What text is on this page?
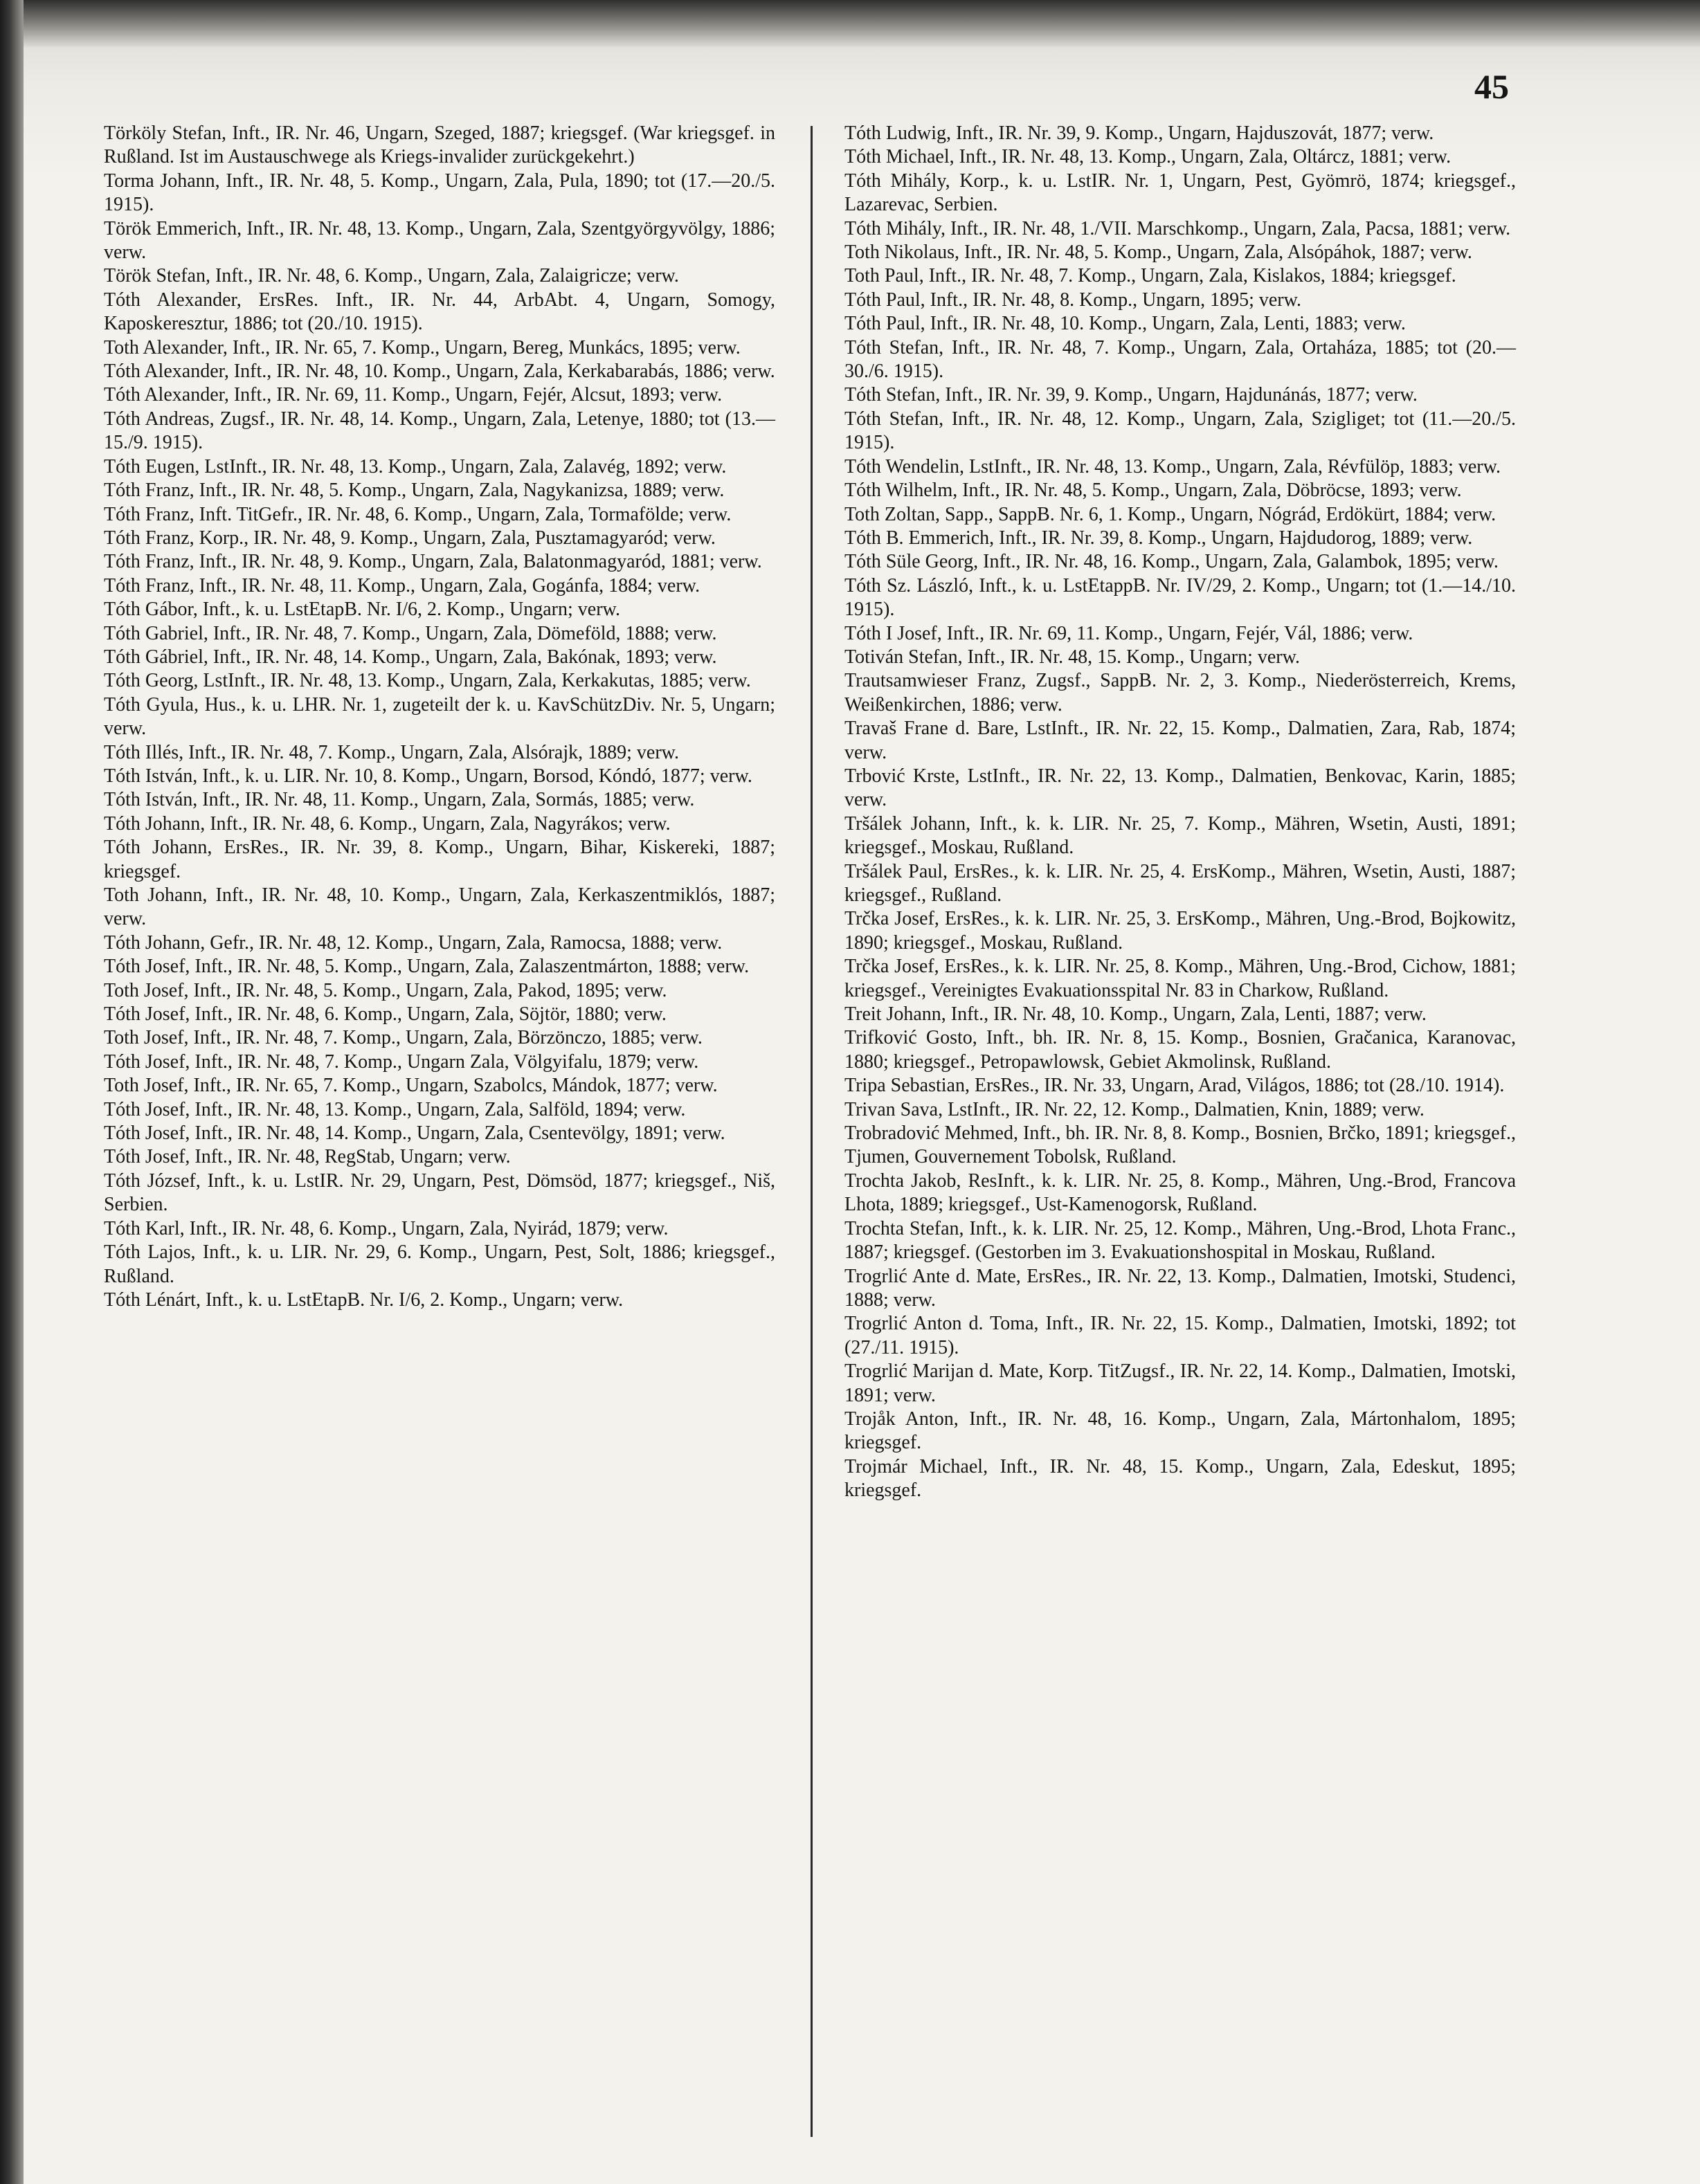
45
Törköly Stefan, Inft., IR. Nr. 46, Ungarn, Szeged, 1887; kriegsgef. (War kriegsgef. in Rußland. Ist im Austauschwege als Kriegs-invalider zurückgekehrt.)
Torma Johann, Inft., IR. Nr. 48, 5. Komp., Ungarn, Zala, Pula, 1890; tot (17.—20./5. 1915).
Török Emmerich, Inft., IR. Nr. 48, 13. Komp., Ungarn, Zala, Szentgyörgyvölgy, 1886; verw.
Török Stefan, Inft., IR. Nr. 48, 6. Komp., Ungarn, Zala, Zalaigricze; verw.
Tóth Alexander, ErsRes. Inft., IR. Nr. 44, ArbAbt. 4, Ungarn, Somogy, Kaposkeresztur, 1886; tot (20./10. 1915).
Toth Alexander, Inft., IR. Nr. 65, 7. Komp., Ungarn, Bereg, Munkács, 1895; verw.
Tóth Alexander, Inft., IR. Nr. 48, 10. Komp., Ungarn, Zala, Kerkabarabás, 1886; verw.
Tóth Alexander, Inft., IR. Nr. 69, 11. Komp., Ungarn, Fejér, Alcsut, 1893; verw.
Tóth Andreas, Zugsf., IR. Nr. 48, 14. Komp., Ungarn, Zala, Letenye, 1880; tot (13.—15./9. 1915).
Tóth Eugen, LstInft., IR. Nr. 48, 13. Komp., Ungarn, Zala, Zalavég, 1892; verw.
Tóth Franz, Inft., IR. Nr. 48, 5. Komp., Ungarn, Zala, Nagykanizsa, 1889; verw.
Tóth Franz, Inft. TitGefr., IR. Nr. 48, 6. Komp., Ungarn, Zala, Tormafölde; verw.
Tóth Franz, Korp., IR. Nr. 48, 9. Komp., Ungarn, Zala, Pusztamagyaród; verw.
Tóth Franz, Inft., IR. Nr. 48, 9. Komp., Ungarn, Zala, Balatonmagyaród, 1881; verw.
Tóth Franz, Inft., IR. Nr. 48, 11. Komp., Ungarn, Zala, Gogánfa, 1884; verw.
Tóth Gábor, Inft., k. u. LstEtapB. Nr. I/6, 2. Komp., Ungarn; verw.
Tóth Gabriel, Inft., IR. Nr. 48, 7. Komp., Ungarn, Zala, Dömeföld, 1888; verw.
Tóth Gábriel, Inft., IR. Nr. 48, 14. Komp., Ungarn, Zala, Bakónak, 1893; verw.
Tóth Georg, LstInft., IR. Nr. 48, 13. Komp., Ungarn, Zala, Kerkakutas, 1885; verw.
Tóth Gyula, Hus., k. u. LHR. Nr. 1, zugeteilt der k. u. KavSchützDiv. Nr. 5, Ungarn; verw.
Tóth Illés, Inft., IR. Nr. 48, 7. Komp., Ungarn, Zala, Alsórajk, 1889; verw.
Tóth István, Inft., k. u. LIR. Nr. 10, 8. Komp., Ungarn, Borsod, Kóndó, 1877; verw.
Tóth István, Inft., IR. Nr. 48, 11. Komp., Ungarn, Zala, Sormás, 1885; verw.
Tóth Johann, Inft., IR. Nr. 48, 6. Komp., Ungarn, Zala, Nagyrákos; verw.
Tóth Johann, ErsRes., IR. Nr. 39, 8. Komp., Ungarn, Bihar, Kiskereki, 1887; kriegsgef.
Toth Johann, Inft., IR. Nr. 48, 10. Komp., Ungarn, Zala, Kerkaszentmiklós, 1887; verw.
Tóth Johann, Gefr., IR. Nr. 48, 12. Komp., Ungarn, Zala, Ramocsa, 1888; verw.
Tóth Josef, Inft., IR. Nr. 48, 5. Komp., Ungarn, Zala, Zalaszentmárton, 1888; verw.
Toth Josef, Inft., IR. Nr. 48, 5. Komp., Ungarn, Zala, Pakod, 1895; verw.
Tóth Josef, Inft., IR. Nr. 48, 6. Komp., Ungarn, Zala, Söjtör, 1880; verw.
Toth Josef, Inft., IR. Nr. 48, 7. Komp., Ungarn, Zala, Börzönczo, 1885; verw.
Tóth Josef, Inft., IR. Nr. 48, 7. Komp., Ungarn Zala, Völgyifalu, 1879; verw.
Toth Josef, Inft., IR. Nr. 65, 7. Komp., Ungarn, Szabolcs, Mándok, 1877; verw.
Tóth Josef, Inft., IR. Nr. 48, 13. Komp., Ungarn, Zala, Salföld, 1894; verw.
Tóth Josef, Inft., IR. Nr. 48, 14. Komp., Ungarn, Zala, Csentevölgy, 1891; verw.
Tóth Josef, Inft., IR. Nr. 48, RegStab, Ungarn; verw.
Tóth József, Inft., k. u. LstIR. Nr. 29, Ungarn, Pest, Dömsöd, 1877; kriegsgef., Niš, Serbien.
Tóth Karl, Inft., IR. Nr. 48, 6. Komp., Ungarn, Zala, Nyirád, 1879; verw.
Tóth Lajos, Inft., k. u. LIR. Nr. 29, 6. Komp., Ungarn, Pest, Solt, 1886; kriegsgef., Rußland.
Tóth Lénárt, Inft., k. u. LstEtapB. Nr. I/6, 2. Komp., Ungarn; verw.
Tóth Ludwig, Inft., IR. Nr. 39, 9. Komp., Ungarn, Hajduszovát, 1877; verw.
Tóth Michael, Inft., IR. Nr. 48, 13. Komp., Ungarn, Zala, Oltárcz, 1881; verw.
Tóth Mihály, Korp., k. u. LstIR. Nr. 1, Ungarn, Pest, Gyömrö, 1874; kriegsgef., Lazarevac, Serbien.
Tóth Mihály, Inft., IR. Nr. 48, 1./VII. Marschkomp., Ungarn, Zala, Pacsa, 1881; verw.
Toth Nikolaus, Inft., IR. Nr. 48, 5. Komp., Ungarn, Zala, Alsópáhok, 1887; verw.
Toth Paul, Inft., IR. Nr. 48, 7. Komp., Ungarn, Zala, Kislakos, 1884; kriegsgef.
Tóth Paul, Inft., IR. Nr. 48, 8. Komp., Ungarn, 1895; verw.
Tóth Paul, Inft., IR. Nr. 48, 10. Komp., Ungarn, Zala, Lenti, 1883; verw.
Tóth Stefan, Inft., IR. Nr. 48, 7. Komp., Ungarn, Zala, Ortaháza, 1885; tot (20.—30./6. 1915).
Tóth Stefan, Inft., IR. Nr. 39, 9. Komp., Ungarn, Hajdunánás, 1877; verw.
Tóth Stefan, Inft., IR. Nr. 48, 12. Komp., Ungarn, Zala, Szigliget; tot (11.—20./5. 1915).
Tóth Wendelin, LstInft., IR. Nr. 48, 13. Komp., Ungarn, Zala, Révfülöp, 1883; verw.
Tóth Wilhelm, Inft., IR. Nr. 48, 5. Komp., Ungarn, Zala, Döbröcse, 1893; verw.
Toth Zoltan, Sapp., SappB. Nr. 6, 1. Komp., Ungarn, Nógrád, Erdökürt, 1884; verw.
Tóth B. Emmerich, Inft., IR. Nr. 39, 8. Komp., Ungarn, Hajdudorog, 1889; verw.
Tóth Süle Georg, Inft., IR. Nr. 48, 16. Komp., Ungarn, Zala, Galambok, 1895; verw.
Tóth Sz. László, Inft., k. u. LstEtappB. Nr. IV/29, 2. Komp., Ungarn; tot (1.—14./10. 1915).
Tóth I Josef, Inft., IR. Nr. 69, 11. Komp., Ungarn, Fejér, Vál, 1886; verw.
Totiván Stefan, Inft., IR. Nr. 48, 15. Komp., Ungarn; verw.
Trautsamwieser Franz, Zugsf., SappB. Nr. 2, 3. Komp., Niederösterreich, Krems, Weißenkirchen, 1886; verw.
Travaš Frane d. Bare, LstInft., IR. Nr. 22, 15. Komp., Dalmatien, Zara, Rab, 1874; verw.
Trbović Krste, LstInft., IR. Nr. 22, 13. Komp., Dalmatien, Benkovac, Karin, 1885; verw.
Tršálek Johann, Inft., k. k. LIR. Nr. 25, 7. Komp., Mähren, Wsetin, Austi, 1891; kriegsgef., Moskau, Rußland.
Tršálek Paul, ErsRes., k. k. LIR. Nr. 25, 4. ErsKomp., Mähren, Wsetin, Austi, 1887; kriegsgef., Rußland.
Trčka Josef, ErsRes., k. k. LIR. Nr. 25, 3. ErsKomp., Mähren, Ung.-Brod, Bojkowitz, 1890; kriegsgef., Moskau, Rußland.
Trčka Josef, ErsRes., k. k. LIR. Nr. 25, 8. Komp., Mähren, Ung.-Brod, Cichow, 1881; kriegsgef., Vereinigtes Evakuationsspital Nr. 83 in Charkow, Rußland.
Treit Johann, Inft., IR. Nr. 48, 10. Komp., Ungarn, Zala, Lenti, 1887; verw.
Trifković Gosto, Inft., bh. IR. Nr. 8, 15. Komp., Bosnien, Gračanica, Karanovac, 1880; kriegsgef., Petropawlowsk, Gebiet Akmolinsk, Rußland.
Tripa Sebastian, ErsRes., IR. Nr. 33, Ungarn, Arad, Világos, 1886; tot (28./10. 1914).
Trivan Sava, LstInft., IR. Nr. 22, 12. Komp., Dalmatien, Knin, 1889; verw.
Trobradović Mehmed, Inft., bh. IR. Nr. 8, 8. Komp., Bosnien, Brčko, 1891; kriegsgef., Tjumen, Gouvernement Tobolsk, Rußland.
Trochta Jakob, ResInft., k. k. LIR. Nr. 25, 8. Komp., Mähren, Ung.-Brod, Francova Lhota, 1889; kriegsgef., Ust-Kamenogorsk, Rußland.
Trochta Stefan, Inft., k. k. LIR. Nr. 25, 12. Komp., Mähren, Ung.-Brod, Lhota Franc., 1887; kriegsgef. (Gestorben im 3. Evakuationshospital in Moskau, Rußland.
Trogrlić Ante d. Mate, ErsRes., IR. Nr. 22, 13. Komp., Dalmatien, Imotski, Studenci, 1888; verw.
Trogrlić Anton d. Toma, Inft., IR. Nr. 22, 15. Komp., Dalmatien, Imotski, 1892; tot (27./11. 1915).
Trogrlić Marijan d. Mate, Korp. TitZugsf., IR. Nr. 22, 14. Komp., Dalmatien, Imotski, 1891; verw.
Trojåk Anton, Inft., IR. Nr. 48, 16. Komp., Ungarn, Zala, Mártonhalom, 1895; kriegsgef.
Trojmár Michael, Inft., IR. Nr. 48, 15. Komp., Ungarn, Zala, Edeskut, 1895; kriegsgef.
